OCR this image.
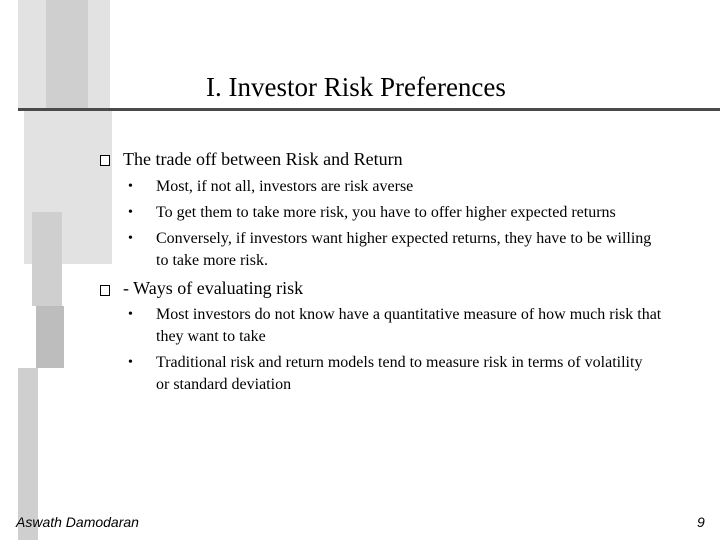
I. Investor Risk Preferences
The trade off between Risk and Return
• Most, if not all, investors are risk averse
• To get them to take more risk, you have to offer higher expected returns
• Conversely, if investors want higher expected returns, they have to be willing to take more risk.
- Ways of evaluating risk
• Most investors do not know have a quantitative measure of how much risk that they want to take
• Traditional risk and return models tend to measure risk in terms of volatility or standard deviation
Aswath Damodaran	9
